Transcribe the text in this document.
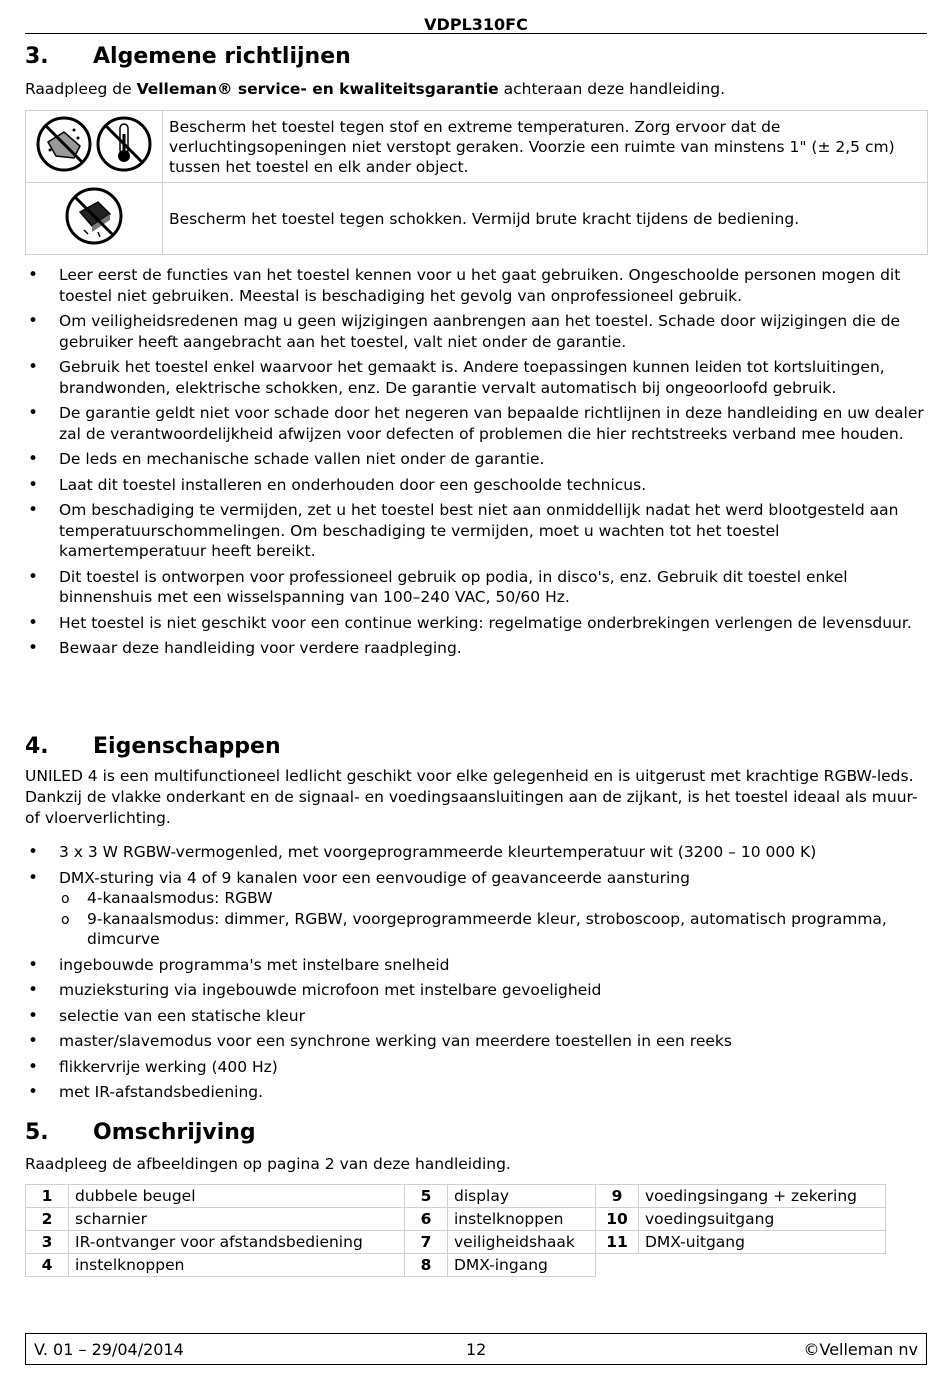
VDPL310FC
3. Algemene richtlijnen

Raadpleeg de Velleman® service- en kwaliteitsgarantie achteraan deze handleiding.

	Bescherm het toestel tegen stof en extreme temperaturen. Zorg ervoor dat de verluchtingsopeningen niet verstopt geraken. Voorzie een ruimte van minstens 1" (± 2,5 cm) tussen het toestel en elk ander object.
	Bescherm het toestel tegen schokken. Vermijd brute kracht tijdens de bediening.
• Leer eerst de functies van het toestel kennen voor u het gaat gebruiken. Ongeschoolde personen mogen dit toestel niet gebruiken. Meestal is beschadiging het gevolg van onprofessioneel gebruik.
• Om veiligheidsredenen mag u geen wijzigingen aanbrengen aan het toestel. Schade door wijzigingen die de gebruiker heeft aangebracht aan het toestel, valt niet onder de garantie.
• Gebruik het toestel enkel waarvoor het gemaakt is. Andere toepassingen kunnen leiden tot kortsluitingen, brandwonden, elektrische schokken, enz. De garantie vervalt automatisch bij ongeoorloofd gebruik.
• De garantie geldt niet voor schade door het negeren van bepaalde richtlijnen in deze handleiding en uw dealer zal de verantwoordelijkheid afwijzen voor defecten of problemen die hier rechtstreeks verband mee houden.
• De leds en mechanische schade vallen niet onder de garantie.
• Laat dit toestel installeren en onderhouden door een geschoolde technicus.
• Om beschadiging te vermijden, zet u het toestel best niet aan onmiddellijk nadat het werd blootgesteld aan temperatuurschommelingen. Om beschadiging te vermijden, moet u wachten tot het toestel kamertemperatuur heeft bereikt.
• Dit toestel is ontworpen voor professioneel gebruik op podia, in disco's, enz. Gebruik dit toestel enkel binnenshuis met een wisselspanning van 100–240 VAC, 50/60 Hz.
• Het toestel is niet geschikt voor een continue werking: regelmatige onderbrekingen verlengen de levensduur.
• Bewaar deze handleiding voor verdere raadpleging.
4. Eigenschappen

UNILED 4 is een multifunctioneel ledlicht geschikt voor elke gelegenheid en is uitgerust met krachtige RGBW-leds. Dankzij de vlakke onderkant en de signaal- en voedingsaansluitingen aan de zijkant, is het toestel ideaal als muur- of vloerverlichting.

• 3 x 3 W RGBW-vermogenled, met voorgeprogrammeerde kleurtemperatuur wit (3200 – 10 000 K)
• DMX-sturing via 4 of 9 kanalen voor een eenvoudige of geavanceerde aansturing
o 4-kanaalsmodus: RGBW
o 9-kanaalsmodus: dimmer, RGBW, voorgeprogrammeerde kleur, stroboscoop, automatisch programma, dimcurve
• ingebouwde programma's met instelbare snelheid
• muzieksturing via ingebouwde microfoon met instelbare gevoeligheid
• selectie van een statische kleur
• master/slavemodus voor een synchrone werking van meerdere toestellen in een reeks
• flikkervrije werking (400 Hz)
• met IR-afstandsbediening.
5. Omschrijving

Raadpleeg de afbeeldingen op pagina 2 van deze handleiding.

1	dubbele beugel	5	display	9	voedingsingang + zekering
2	scharnier	6	instelknoppen	10	voedingsuitgang
3	IR-ontvanger voor afstandsbediening	7	veiligheidshaak	11	DMX-uitgang
4	instelknoppen	8	DMX-ingang		
V. 01 – 29/04/2014	12	©Velleman nv
